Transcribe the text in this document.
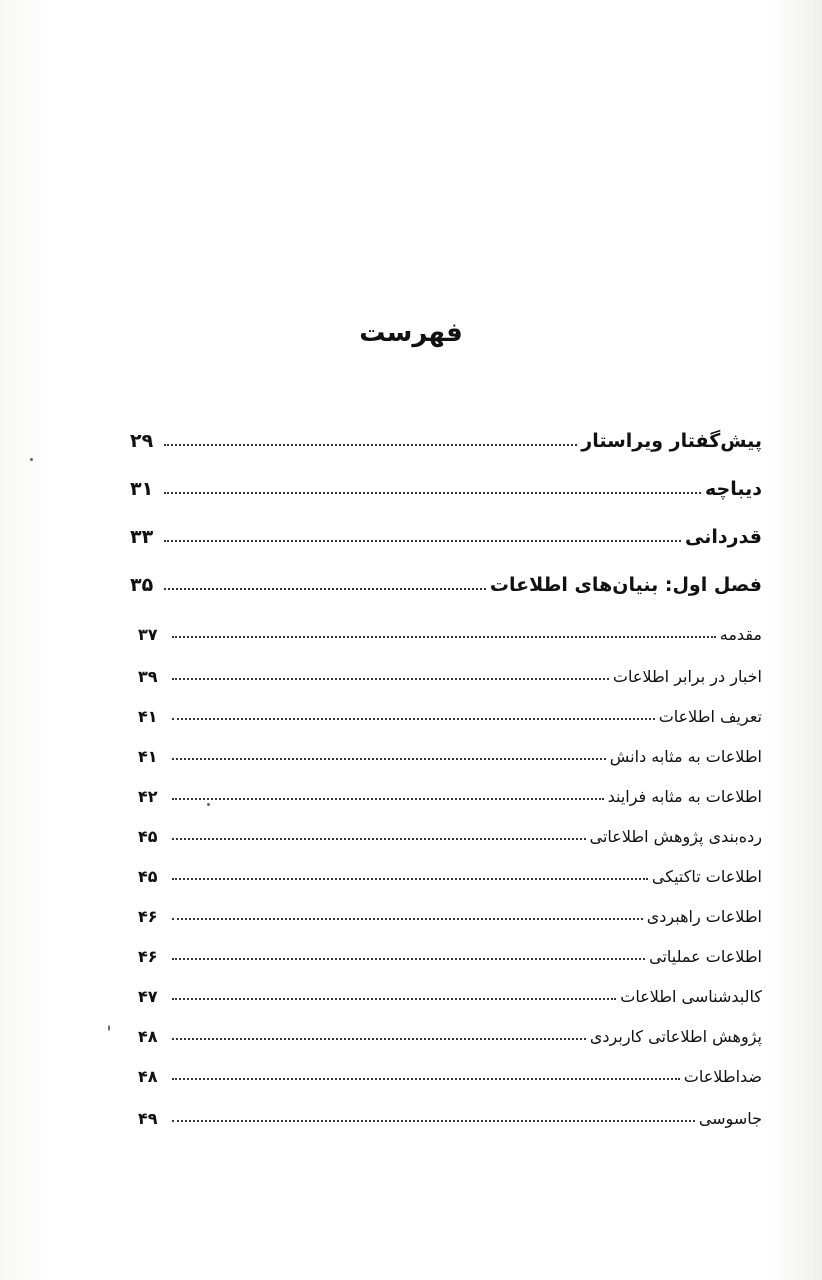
فهرست
پیش‌گفتار ویراستار
۲۹
دیباچه
۳۱
قدردانی
۳۳
فصل اول: بنیان‌های اطلاعات
۳۵
مقدمه
۳۷
اخبار در برابر اطلاعات
۳۹
تعریف اطلاعات
۴۱
اطلاعات به مثابه دانش
۴۱
اطلاعات به مثابه فرایند
۴۲
رده‌بندی پژوهش اطلاعاتی
۴۵
اطلاعات تاکتیکی
۴۵
اطلاعات راهبردی
۴۶
اطلاعات عملیاتی
۴۶
کالبدشناسی اطلاعات
۴۷
پژوهش اطلاعاتی کاربردی
۴۸
ضداطلاعات
۴۸
جاسوسی
۴۹
